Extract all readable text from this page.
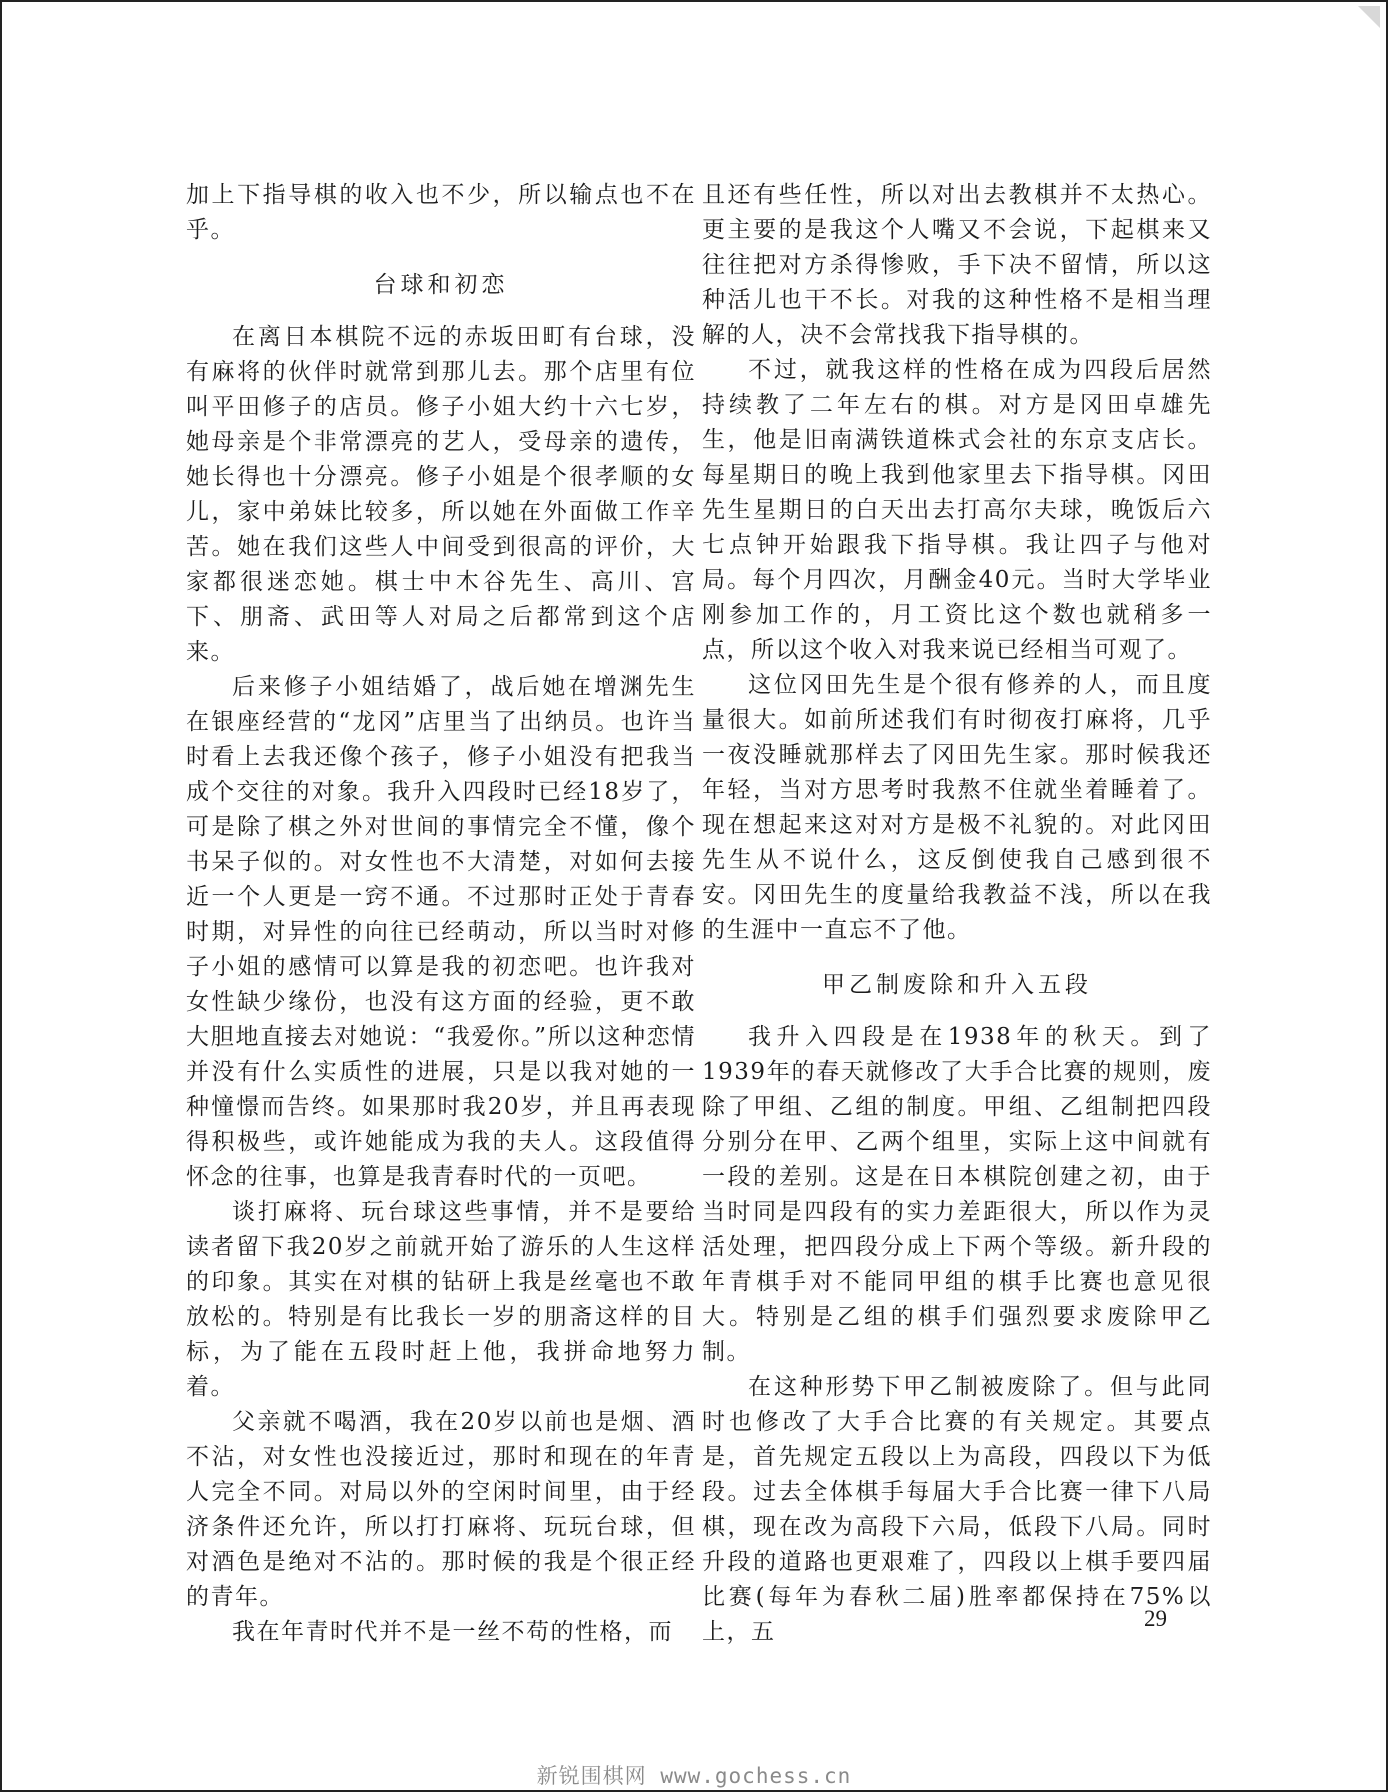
加上下指导棋的收入也不少，所以输点也不在乎。

台球和初恋

在离日本棋院不远的赤坂田町有台球，没有麻将的伙伴时就常到那儿去。那个店里有位叫平田修子的店员。修子小姐大约十六七岁，她母亲是个非常漂亮的艺人，受母亲的遗传，她长得也十分漂亮。修子小姐是个很孝顺的女儿，家中弟妹比较多，所以她在外面做工作辛苦。她在我们这些人中间受到很高的评价，大家都很迷恋她。棋士中木谷先生、高川、宫下、朋斋、武田等人对局之后都常到这个店来。

后来修子小姐结婚了，战后她在增渊先生在银座经营的“龙冈”店里当了出纳员。也许当时看上去我还像个孩子，修子小姐没有把我当成个交往的对象。我升入四段时已经18岁了，可是除了棋之外对世间的事情完全不懂，像个书呆子似的。对女性也不大清楚，对如何去接近一个人更是一窍不通。不过那时正处于青春时期，对异性的向往已经萌动，所以当时对修子小姐的感情可以算是我的初恋吧。也许我对女性缺少缘份，也没有这方面的经验，更不敢大胆地直接去对她说：“我爱你。”所以这种恋情并没有什么实质性的进展，只是以我对她的一种憧憬而告终。如果那时我20岁，并且再表现得积极些，或许她能成为我的夫人。这段值得怀念的往事，也算是我青春时代的一页吧。

谈打麻将、玩台球这些事情，并不是要给读者留下我20岁之前就开始了游乐的人生这样的印象。其实在对棋的钻研上我是丝毫也不敢放松的。特别是有比我长一岁的朋斋这样的目标，为了能在五段时赶上他，我拼命地努力着。

父亲就不喝酒，我在20岁以前也是烟、酒不沾，对女性也没接近过，那时和现在的年青人完全不同。对局以外的空闲时间里，由于经济条件还允许，所以打打麻将、玩玩台球，但对酒色是绝对不沾的。那时候的我是个很正经的青年。

我在年青时代并不是一丝不苟的性格，而

且还有些任性，所以对出去教棋并不太热心。更主要的是我这个人嘴又不会说，下起棋来又往往把对方杀得惨败，手下决不留情，所以这种活儿也干不长。对我的这种性格不是相当理解的人，决不会常找我下指导棋的。

不过，就我这样的性格在成为四段后居然持续教了二年左右的棋。对方是冈田卓雄先生，他是旧南满铁道株式会社的东京支店长。每星期日的晚上我到他家里去下指导棋。冈田先生星期日的白天出去打高尔夫球，晚饭后六七点钟开始跟我下指导棋。我让四子与他对局。每个月四次，月酬金40元。当时大学毕业刚参加工作的，月工资比这个数也就稍多一点，所以这个收入对我来说已经相当可观了。

这位冈田先生是个很有修养的人，而且度量很大。如前所述我们有时彻夜打麻将，几乎一夜没睡就那样去了冈田先生家。那时候我还年轻，当对方思考时我熬不住就坐着睡着了。现在想起来这对对方是极不礼貌的。对此冈田先生从不说什么，这反倒使我自己感到很不安。冈田先生的度量给我教益不浅，所以在我的生涯中一直忘不了他。

甲乙制废除和升入五段

我升入四段是在1938年的秋天。到了1939年的春天就修改了大手合比赛的规则，废除了甲组、乙组的制度。甲组、乙组制把四段分别分在甲、乙两个组里，实际上这中间就有一段的差别。这是在日本棋院创建之初，由于当时同是四段有的实力差距很大，所以作为灵活处理，把四段分成上下两个等级。新升段的年青棋手对不能同甲组的棋手比赛也意见很大。特别是乙组的棋手们强烈要求废除甲乙制。

在这种形势下甲乙制被废除了。但与此同时也修改了大手合比赛的有关规定。其要点是，首先规定五段以上为高段，四段以下为低段。过去全体棋手每届大手合比赛一律下八局棋，现在改为高段下六局，低段下八局。同时升段的道路也更艰难了，四段以上棋手要四届比赛(每年为春秋二届)胜率都保持在75%以上，五

29
新锐围棋网 www.gochess.cn
